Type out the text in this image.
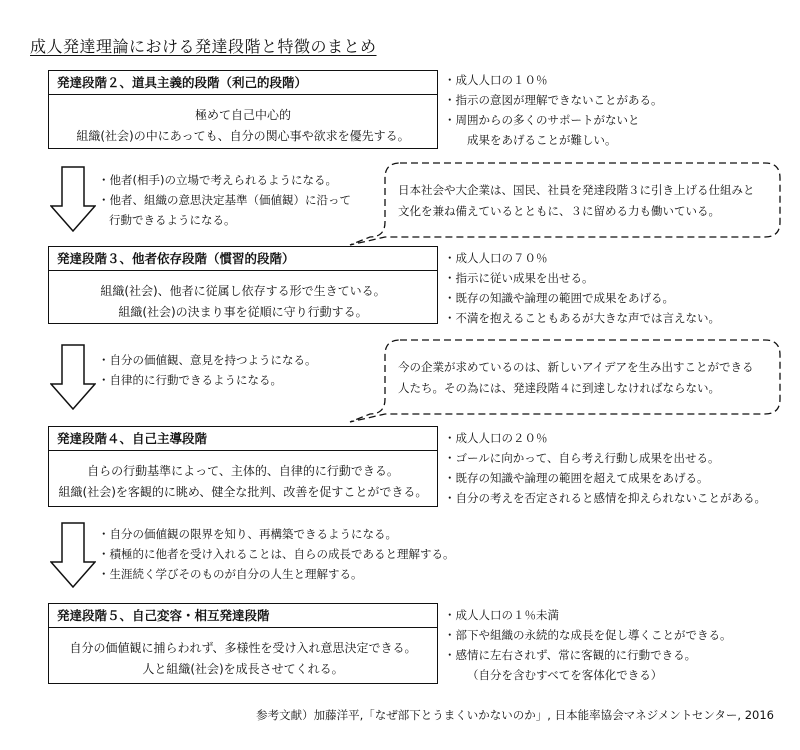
成人発達理論における発達段階と特徴のまとめ
発達段階２、道具主義的段階（利己的段階）
極めて自己中心的
組織(社会)の中にあっても、自分の関心事や欲求を優先する。
・成人人口の１０％
・指示の意図が理解できないことがある。
・周囲からの多くのサポートがないと
成果をあげることが難しい。
・他者(相手)の立場で考えられるようになる。
・他者、組織の意思決定基準（価値観）に沿って
行動できるようになる。
日本社会や大企業は、国民、社員を発達段階３に引き上げる仕組みと
文化を兼ね備えているとともに、３に留める力も働いている。
発達段階３、他者依存段階（慣習的段階）
組織(社会)、他者に従属し依存する形で生きている。
組織(社会)の決まり事を従順に守り行動する。
・成人人口の７０％
・指示に従い成果を出せる。
・既存の知識や論理の範囲で成果をあげる。
・不満を抱えることもあるが大きな声では言えない。
・自分の価値観、意見を持つようになる。
・自律的に行動できるようになる。
今の企業が求めているのは、新しいアイデアを生み出すことができる
人たち。その為には、発達段階４に到達しなければならない。
発達段階４、自己主導段階
自らの行動基準によって、主体的、自律的に行動できる。
組織(社会)を客観的に眺め、健全な批判、改善を促すことができる。
・成人人口の２０％
・ゴールに向かって、自ら考え行動し成果を出せる。
・既存の知識や論理の範囲を超えて成果をあげる。
・自分の考えを否定されると感情を抑えられないことがある。
・自分の価値観の限界を知り、再構築できるようになる。
・積極的に他者を受け入れることは、自らの成長であると理解する。
・生涯続く学びそのものが自分の人生と理解する。
発達段階５、自己変容・相互発達段階
自分の価値観に捕らわれず、多様性を受け入れ意思決定できる。
人と組織(社会)を成長させてくれる。
・成人人口の１％未満
・部下や組織の永続的な成長を促し導くことができる。
・感情に左右されず、常に客観的に行動できる。
（自分を含むすべてを客体化できる）
参考文献）加藤洋平,「なぜ部下とうまくいかないのか」, 日本能率協会マネジメントセンター, 2016
